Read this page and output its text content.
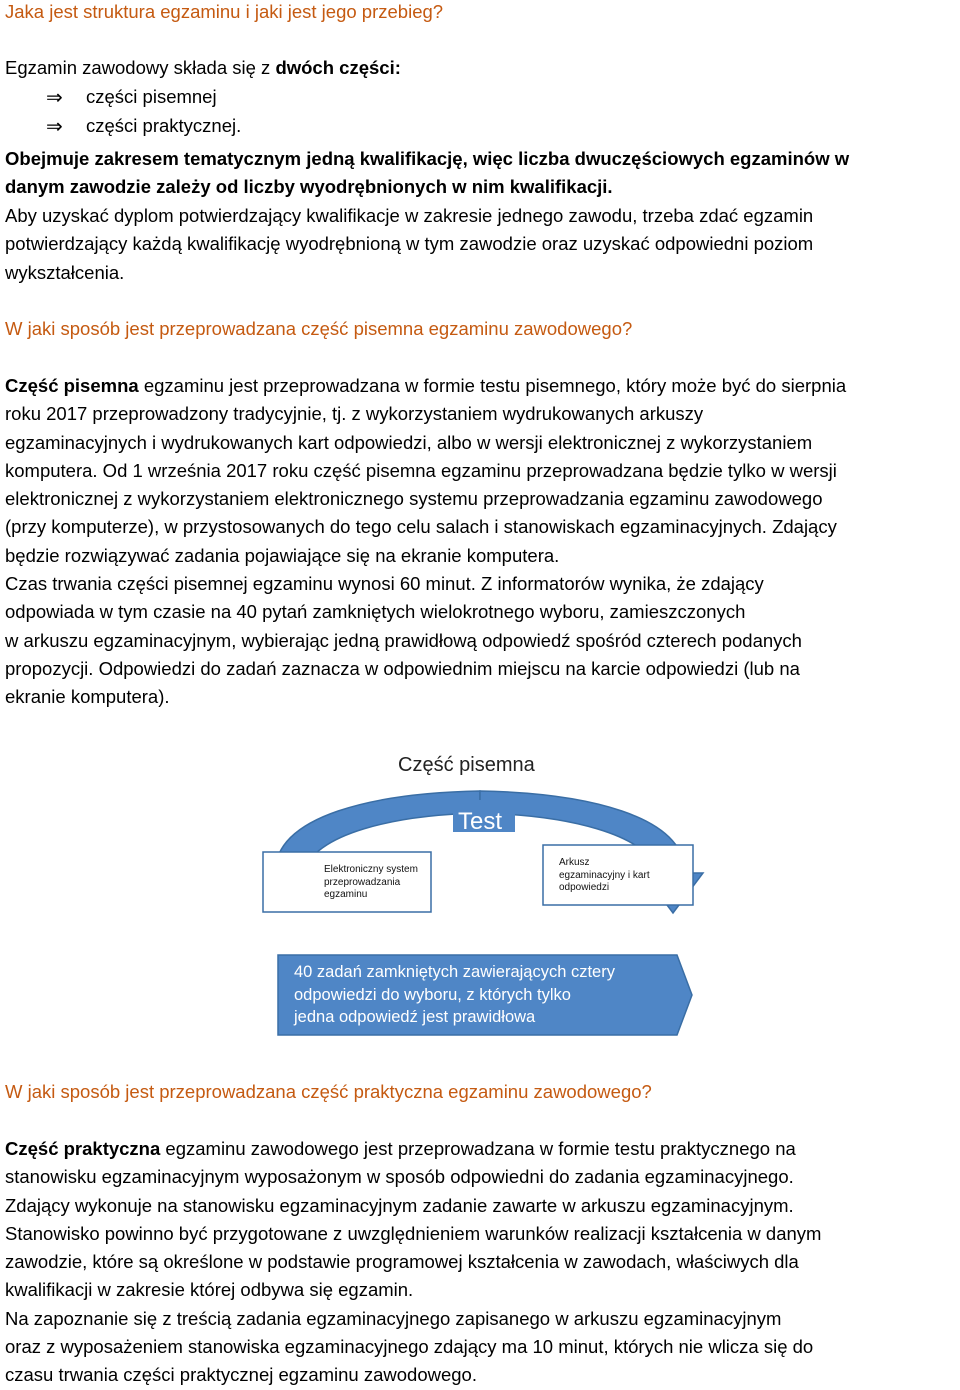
Jaka jest struktura egzaminu i jaki jest jego przebieg?
Egzamin zawodowy składa się z dwóch części:
⇒ części pisemnej
⇒ części praktycznej.
Obejmuje zakresem tematycznym jedną kwalifikację, więc liczba dwuczęściowych egzaminów w
danym zawodzie zależy od liczby wyodrębnionych w nim kwalifikacji.
Aby uzyskać dyplom potwierdzający kwalifikacje w zakresie jednego zawodu, trzeba zdać egzamin
potwierdzający każdą kwalifikację wyodrębnioną w tym zawodzie oraz uzyskać odpowiedni poziom
wykształcenia.
W jaki sposób jest przeprowadzana część pisemna egzaminu zawodowego?
Część pisemna egzaminu jest przeprowadzana w formie testu pisemnego, który może być do sierpnia
roku 2017 przeprowadzony tradycyjnie, tj. z wykorzystaniem wydrukowanych arkuszy
egzaminacyjnych i wydrukowanych kart odpowiedzi, albo w wersji elektronicznej z wykorzystaniem
komputera. Od 1 września 2017 roku część pisemna egzaminu przeprowadzana będzie tylko w wersji
elektronicznej z wykorzystaniem elektronicznego systemu przeprowadzania egzaminu zawodowego
(przy komputerze), w przystosowanych do tego celu salach i stanowiskach egzaminacyjnych. Zdający
będzie rozwiązywać zadania pojawiające się na ekranie komputera.
Czas trwania części pisemnej egzaminu wynosi 60 minut. Z informatorów wynika, że zdający
odpowiada w tym czasie na 40 pytań zamkniętych wielokrotnego wyboru, zamieszczonych
w arkuszu egzaminacyjnym, wybierając jedną prawidłową odpowiedź spośród czterech podanych
propozycji. Odpowiedzi do zadań zaznacza w odpowiednim miejscu na karcie odpowiedzi (lub na
ekranie komputera).
Część pisemna
Test
Elektroniczny system
przeprowadzania
egzaminu
Arkusz
egzaminacyjny i kart
odpowiedzi
40 zadań zamkniętych zawierających cztery
odpowiedzi do wyboru, z których tylko
jedna odpowiedź jest prawidłowa
W jaki sposób jest przeprowadzana część praktyczna egzaminu zawodowego?
Część praktyczna egzaminu zawodowego jest przeprowadzana w formie testu praktycznego na
stanowisku egzaminacyjnym wyposażonym w sposób odpowiedni do zadania egzaminacyjnego.
Zdający wykonuje na stanowisku egzaminacyjnym zadanie zawarte w arkuszu egzaminacyjnym.
Stanowisko powinno być przygotowane z uwzględnieniem warunków realizacji kształcenia w danym
zawodzie, które są określone w podstawie programowej kształcenia w zawodach, właściwych dla
kwalifikacji w zakresie której odbywa się egzamin.
Na zapoznanie się z treścią zadania egzaminacyjnego zapisanego w arkuszu egzaminacyjnym
oraz z wyposażeniem stanowiska egzaminacyjnego zdający ma 10 minut, których nie wlicza się do
czasu trwania części praktycznej egzaminu zawodowego.
